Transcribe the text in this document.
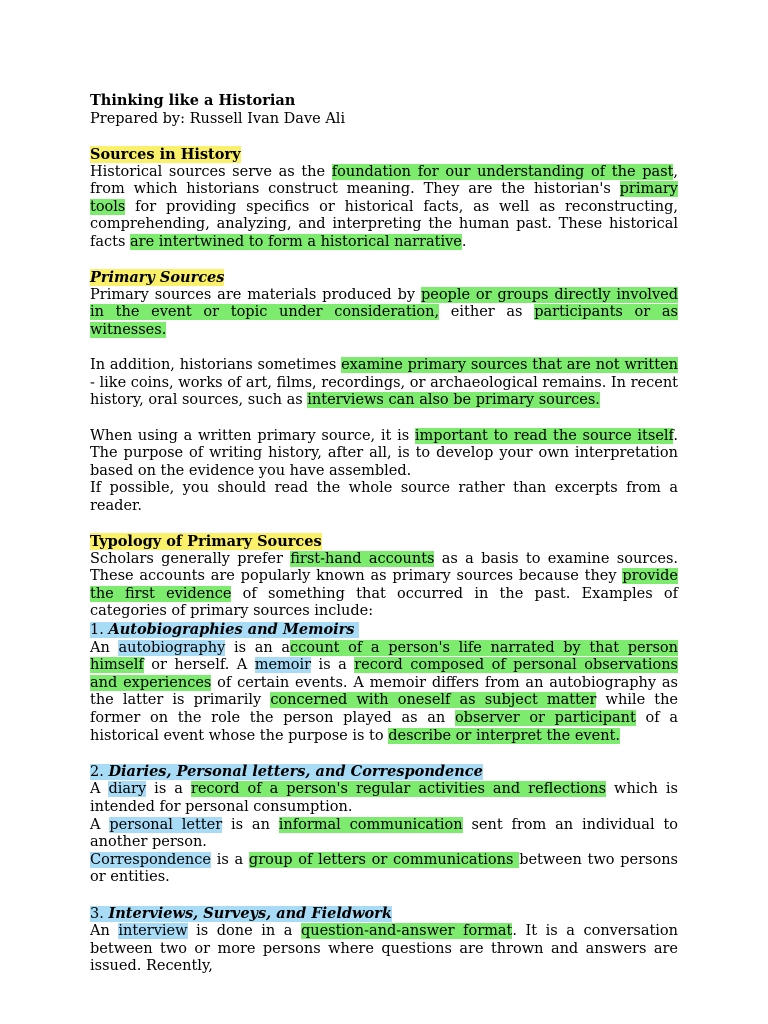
Thinking like a Historian

Prepared by: Russell Ivan Dave Ali

Sources in History

Historical sources serve as the foundation for our understanding of the past, from which historians construct meaning. They are the historian's primary tools for providing specifics or historical facts, as well as reconstructing, comprehending, analyzing, and interpreting the human past. These historical facts are intertwined to form a historical narrative.

Primary Sources

Primary sources are materials produced by people or groups directly involved in the event or topic under consideration, either as participants or as witnesses.

In addition, historians sometimes examine primary sources that are not written - like coins, works of art, films, recordings, or archaeological remains. In recent history, oral sources, such as interviews can also be primary sources.

When using a written primary source, it is important to read the source itself. The purpose of writing history, after all, is to develop your own interpretation based on the evidence you have assembled.

If possible, you should read the whole source rather than excerpts from a reader.

Typology of Primary Sources

Scholars generally prefer first-hand accounts as a basis to examine sources. These accounts are popularly known as primary sources because they provide the first evidence of something that occurred in the past. Examples of categories of primary sources include:

1. Autobiographies and Memoirs

An autobiography is an account of a person's life narrated by that person himself or herself. A memoir is a record composed of personal observations and experiences of certain events. A memoir differs from an autobiography as the latter is primarily concerned with oneself as subject matter while the former on the role the person played as an observer or participant of a historical event whose the purpose is to describe or interpret the event.

2. Diaries, Personal letters, and Correspondence

A diary is a record of a person's regular activities and reflections which is intended for personal consumption.

A personal letter is an informal communication sent from an individual to another person.

Correspondence is a group of letters or communications between two persons or entities.

3. Interviews, Surveys, and Fieldwork

An interview is done in a question-and-answer format. It is a conversation between two or more persons where questions are thrown and answers are issued. Recently,
